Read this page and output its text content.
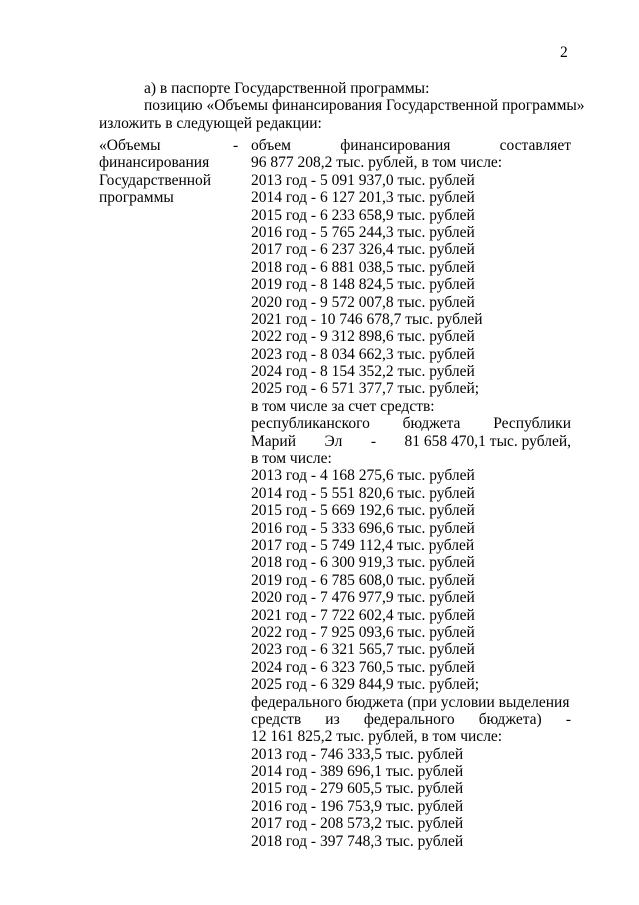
2
а) в паспорте Государственной программы:
позицию «Объемы финансирования Государственной программы»
изложить в следующей редакции:
«Объемы
финансирования
Государственной
программы
- объем	финансирования	составляет
96 877 208,2 тыс. рублей, в том числе:
2013 год - 5 091 937,0 тыс. рублей
2014 год - 6 127 201,3 тыс. рублей
2015 год - 6 233 658,9 тыс. рублей
2016 год - 5 765 244,3 тыс. рублей
2017 год - 6 237 326,4 тыс. рублей
2018 год - 6 881 038,5 тыс. рублей
2019 год - 8 148 824,5 тыс. рублей
2020 год - 9 572 007,8 тыс. рублей
2021 год - 10 746 678,7 тыс. рублей
2022 год - 9 312 898,6 тыс. рублей
2023 год - 8 034 662,3 тыс. рублей
2024 год - 8 154 352,2 тыс. рублей
2025 год - 6 571 377,7 тыс. рублей;
в том числе за счет средств:
республиканского бюджета Республики
Марий Эл - 81 658 470,1 тыс. рублей,
в том числе:
2013 год - 4 168 275,6 тыс. рублей
2014 год - 5 551 820,6 тыс. рублей
2015 год - 5 669 192,6 тыс. рублей
2016 год - 5 333 696,6 тыс. рублей
2017 год - 5 749 112,4 тыс. рублей
2018 год - 6 300 919,3 тыс. рублей
2019 год - 6 785 608,0 тыс. рублей
2020 год - 7 476 977,9 тыс. рублей
2021 год - 7 722 602,4 тыс. рублей
2022 год - 7 925 093,6 тыс. рублей
2023 год - 6 321 565,7 тыс. рублей
2024 год - 6 323 760,5 тыс. рублей
2025 год - 6 329 844,9 тыс. рублей;
федерального бюджета (при условии выделения
средств из федерального бюджета) -
12 161 825,2 тыс. рублей, в том числе:
2013 год - 746 333,5 тыс. рублей
2014 год - 389 696,1 тыс. рублей
2015 год - 279 605,5 тыс. рублей
2016 год - 196 753,9 тыс. рублей
2017 год - 208 573,2 тыс. рублей
2018 год - 397 748,3 тыс. рублей
